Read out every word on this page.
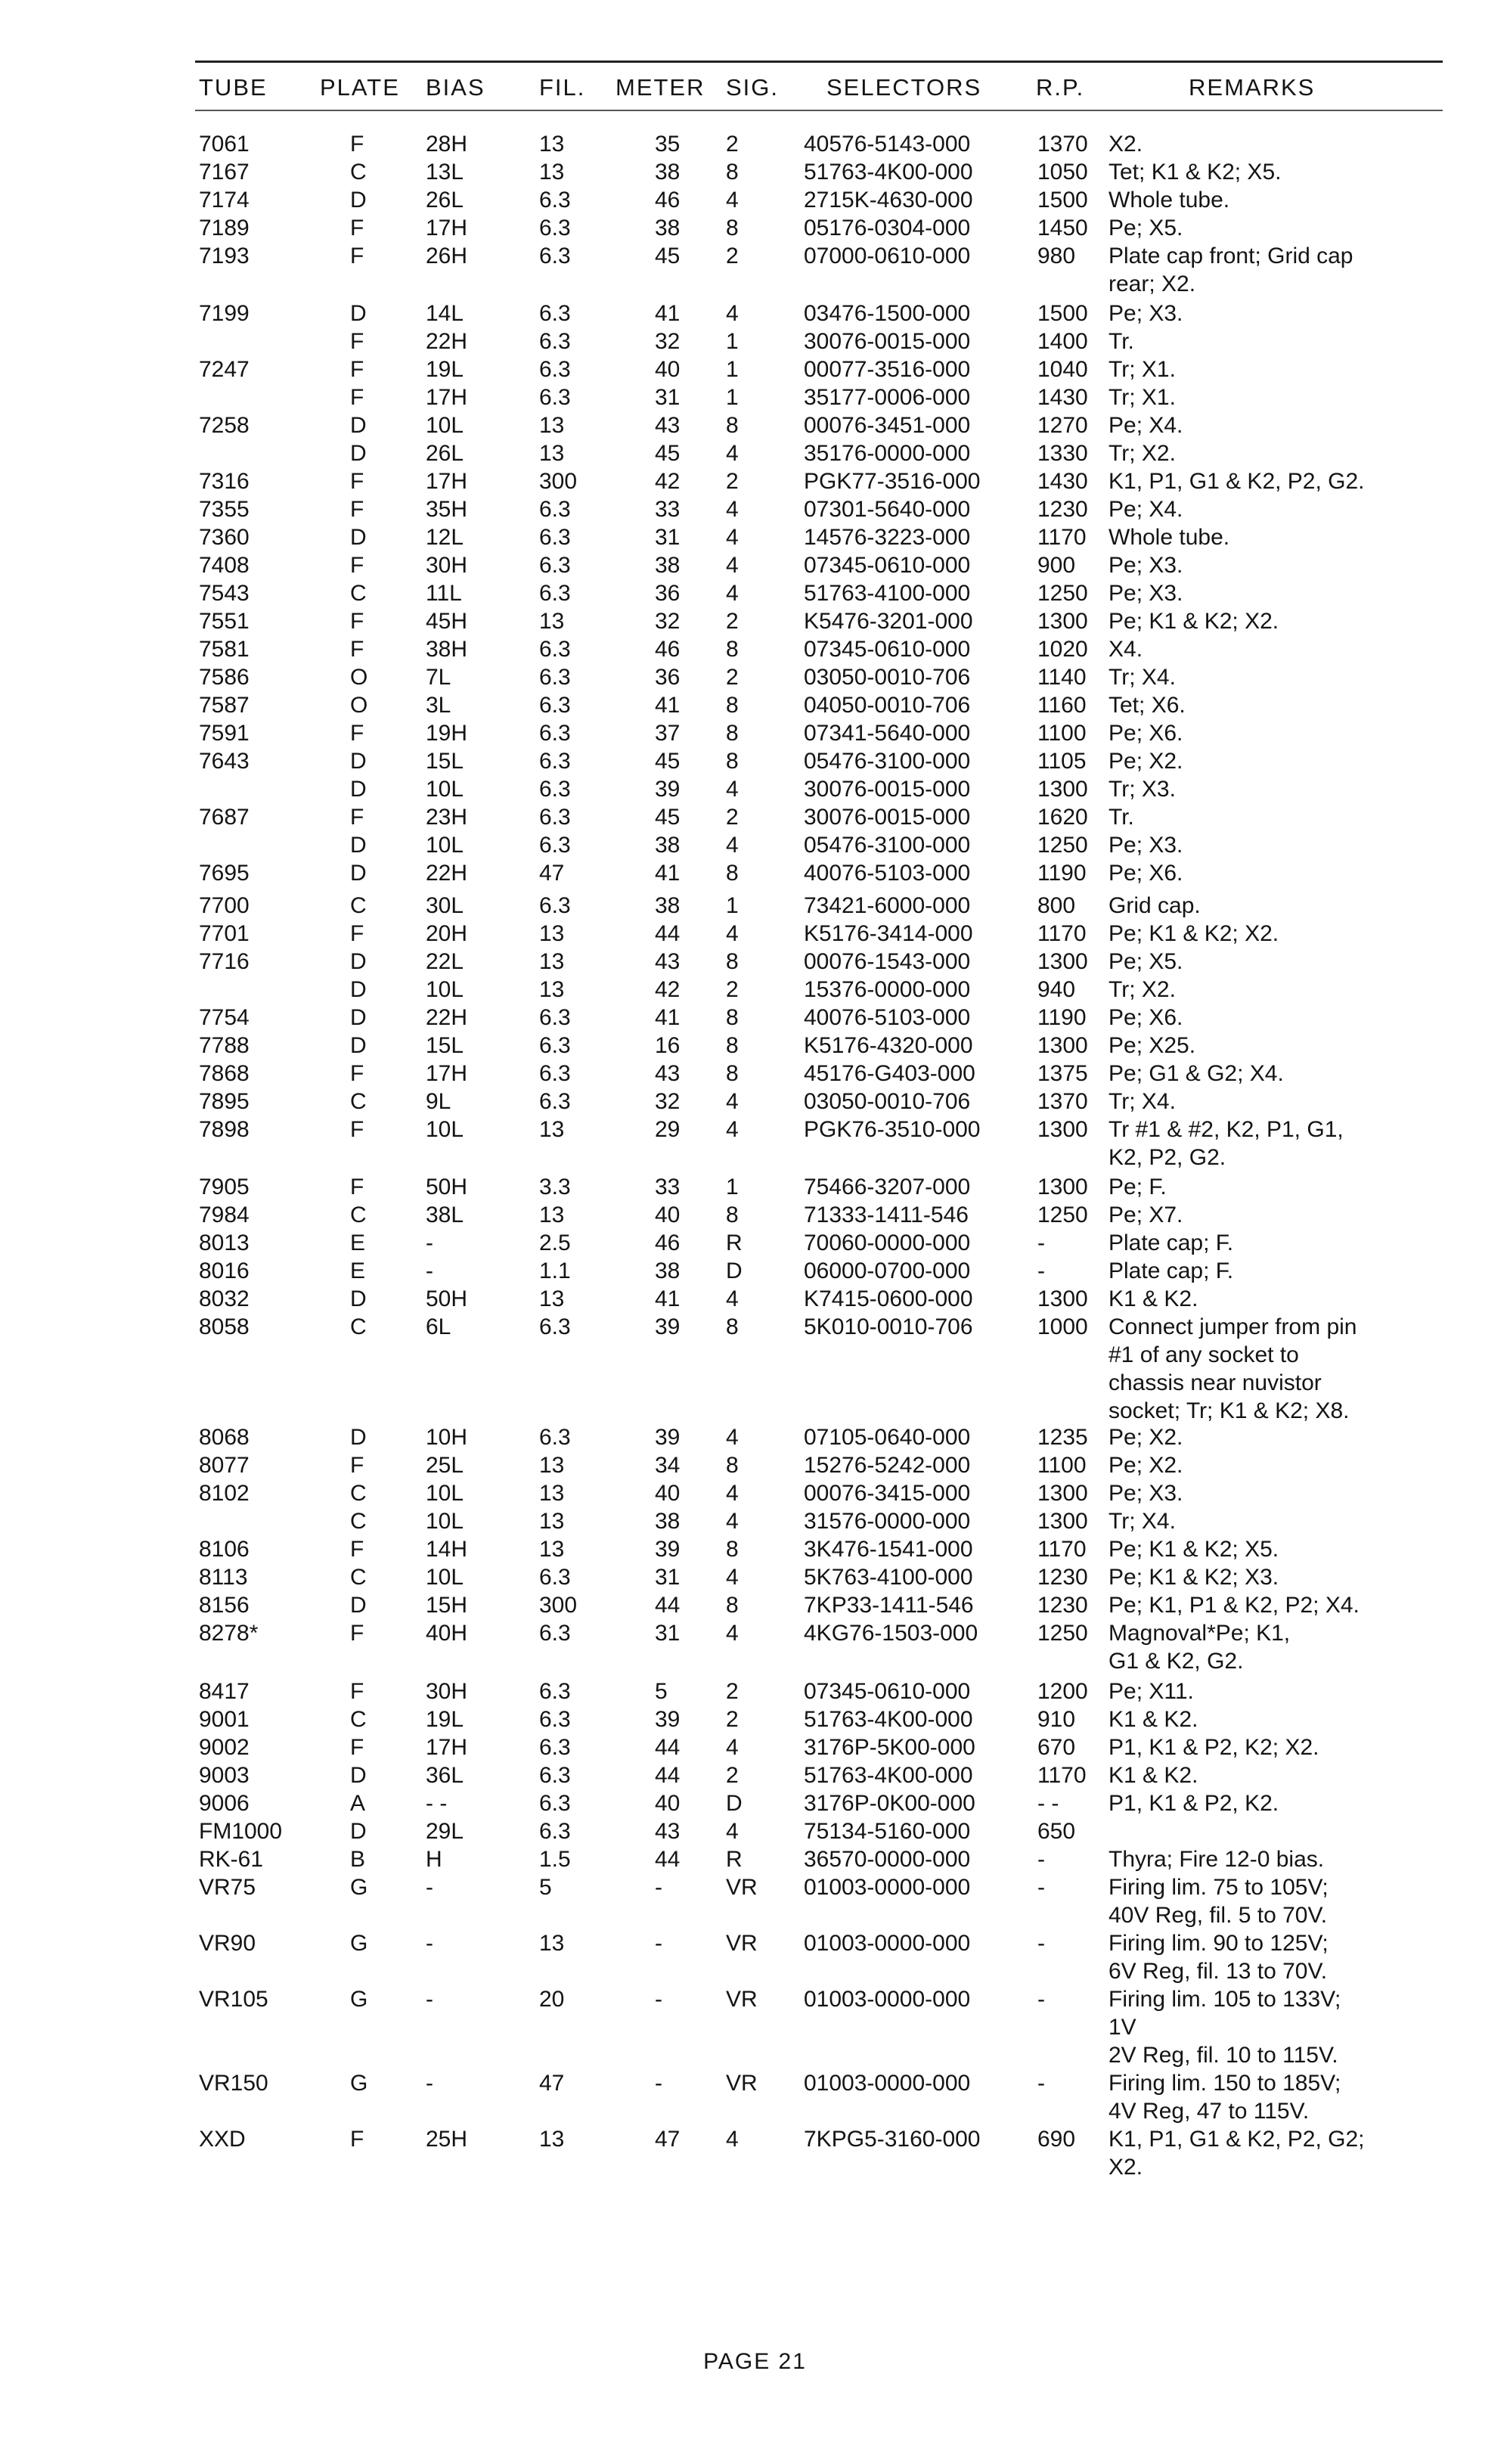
TUBE PLATE BIAS FIL. METER SIG. SELECTORS R.P.	REMARKS
7061	F	28H	13	35 2	40576-5143-000	1370 X2.
7167	C	13L	13	38 8	51763-4K00-000	1050 Tet; K1 & K2; X5.
7174	D	26L	6.3	46 4	2715K-4630-000	1500 Whole tube.
7189	F	17H	6.3	38 8	05176-0304-000	1450 Pe; X5.
7193	F	26H	6.3	45 2	07000-0610-000	980 Plate cap front; Grid cap
rear; X2.
7199	D	14L	6.3	41 4	03476-1500-000	1500 Pe; X3.
F	22H	6.3	32 1	30076-0015-000	1400 Tr.
7247	F	19L	6.3	40 1	00077-3516-000	1040 Tr; X1.
F	17H	6.3	31 1	35177-0006-000	1430 Tr; X1.
7258	D	10L	13	43 8	00076-3451-000	1270 Pe; X4.
D	26L	13	45 4	35176-0000-000	1330 Tr; X2.
7316	F	17H	300	42 2	PGK77-3516-000	1430 K1, P1, G1 & K2, P2, G2.
7355	F	35H	6.3	33 4	07301-5640-000	1230 Pe; X4.
7360	D	12L	6.3	31 4	14576-3223-000	1170 Whole tube.
7408	F	30H	6.3	38 4	07345-0610-000	900 Pe; X3.
7543	C	11L	6.3	36 4	51763-4100-000	1250 Pe; X3.
7551	F	45H	13	32 2	K5476-3201-000	1300 Pe; K1 & K2; X2.
7581	F	38H	6.3	46 8	07345-0610-000	1020 X4.
7586	O	7L	6.3	36 2	03050-0010-706	1140 Tr; X4.
7587	O	3L	6.3	41 8	04050-0010-706	1160 Tet; X6.
7591	F	19H	6.3	37 8	07341-5640-000	1100 Pe; X6.
7643	D	15L	6.3	45 8	05476-3100-000	1105 Pe; X2.
D	10L	6.3	39 4	30076-0015-000	1300 Tr; X3.
7687	F	23H	6.3	45 2	30076-0015-000	1620 Tr.
D	10L	6.3	38 4	05476-3100-000	1250 Pe; X3.
7695	D	22H	47	41 8	40076-5103-000	1190 Pe; X6.
7700	C	30L	6.3	38 1	73421-6000-000	800 Grid cap.
7701	F	20H	13	44 4	K5176-3414-000	1170 Pe; K1 & K2; X2.
7716	D	22L	13	43 8	00076-1543-000	1300 Pe; X5.
D	10L	13	42 2	15376-0000-000	940 Tr; X2.
7754	D	22H	6.3	41 8	40076-5103-000	1190 Pe; X6.
7788	D	15L	6.3	16 8	K5176-4320-000	1300 Pe; X25.
7868	F	17H	6.3	43 8	45176-G403-000	1375 Pe; G1 & G2; X4.
7895	C	9L	6.3	32 4	03050-0010-706	1370 Tr; X4.
7898	F	10L	13	29 4	PGK76-3510-000	1300 Tr #1 & #2, K2, P1, G1,
K2, P2, G2.
7905	F	50H	3.3	33 1	75466-3207-000	1300 Pe; F.
7984	C	38L	13	40 8	71333-1411-546	1250 Pe; X7.
8013	E	-	2.5	46 R	70060-0000-000	-	Plate cap; F.
8016	E	-	1.1	38 D	06000-0700-000	-	Plate cap; F.
8032	D	50H	13	41 4	K7415-0600-000	1300 K1 & K2.
8058	C	6L	6.3	39 8	5K010-0010-706	1000 Connect jumper from pin
#1 of any socket to
chassis near nuvistor
socket; Tr; K1 & K2; X8.
8068	D	10H	6.3	39 4	07105-0640-000	1235 Pe; X2.
8077	F	25L	13	34 8	15276-5242-000	1100 Pe; X2.
8102	C	10L	13	40 4	00076-3415-000	1300 Pe; X3.
C	10L	13	38 4	31576-0000-000	1300 Tr; X4.
8106	F	14H	13	39 8	3K476-1541-000	1170 Pe; K1 & K2; X5.
8113	C	10L	6.3	31 4	5K763-4100-000	1230 Pe; K1 & K2; X3.
8156	D	15H	300	44 8	7KP33-1411-546	1230 Pe; K1, P1 & K2, P2; X4.
8278*	F	40H	6.3	31 4	4KG76-1503-000	1250 Magnoval*Pe; K1,
G1 & K2, G2.
8417	F	30H	6.3	5	2	07345-0610-000	1200 Pe; X11.
9001	C	19L	6.3	39 2	51763-4K00-000	910 K1 & K2.
9002	F	17H	6.3	44 4	3176P-5K00-000	670 P1, K1 & P2, K2; X2.
9003	D	36L	6.3	44 2	51763-4K00-000	1170 K1 & K2.
9006	A	- -	6.3	40 D	3176P-0K00-000	- - P1, K1 & P2, K2.
FM1000	D	29L	6.3	43 4	75134-5160-000	650
RK-61	B	H	1.5	44 R	36570-0000-000	-	Thyra; Fire 12-0 bias.
VR75	G	-	5	-	VR 01003-0000-000	-	Firing lim. 75 to 105V;
40V Reg, fil. 5 to 70V.
VR90	G	-	13	-	VR 01003-0000-000	-	Firing lim. 90 to 125V;
6V Reg, fil. 13 to 70V.
VR105	G	-	20	-	VR 01003-0000-000	-	Firing lim. 105 to 133V;
1V
2V Reg, fil. 10 to 115V.
VR150	G	-	47	-	VR 01003-0000-000	-	Firing lim. 150 to 185V;
4V Reg, 47 to 115V.
XXD	F	25H	13	47 4	7KPG5-3160-000	690 K1, P1, G1 & K2, P2, G2;
X2.
PAGE 21
